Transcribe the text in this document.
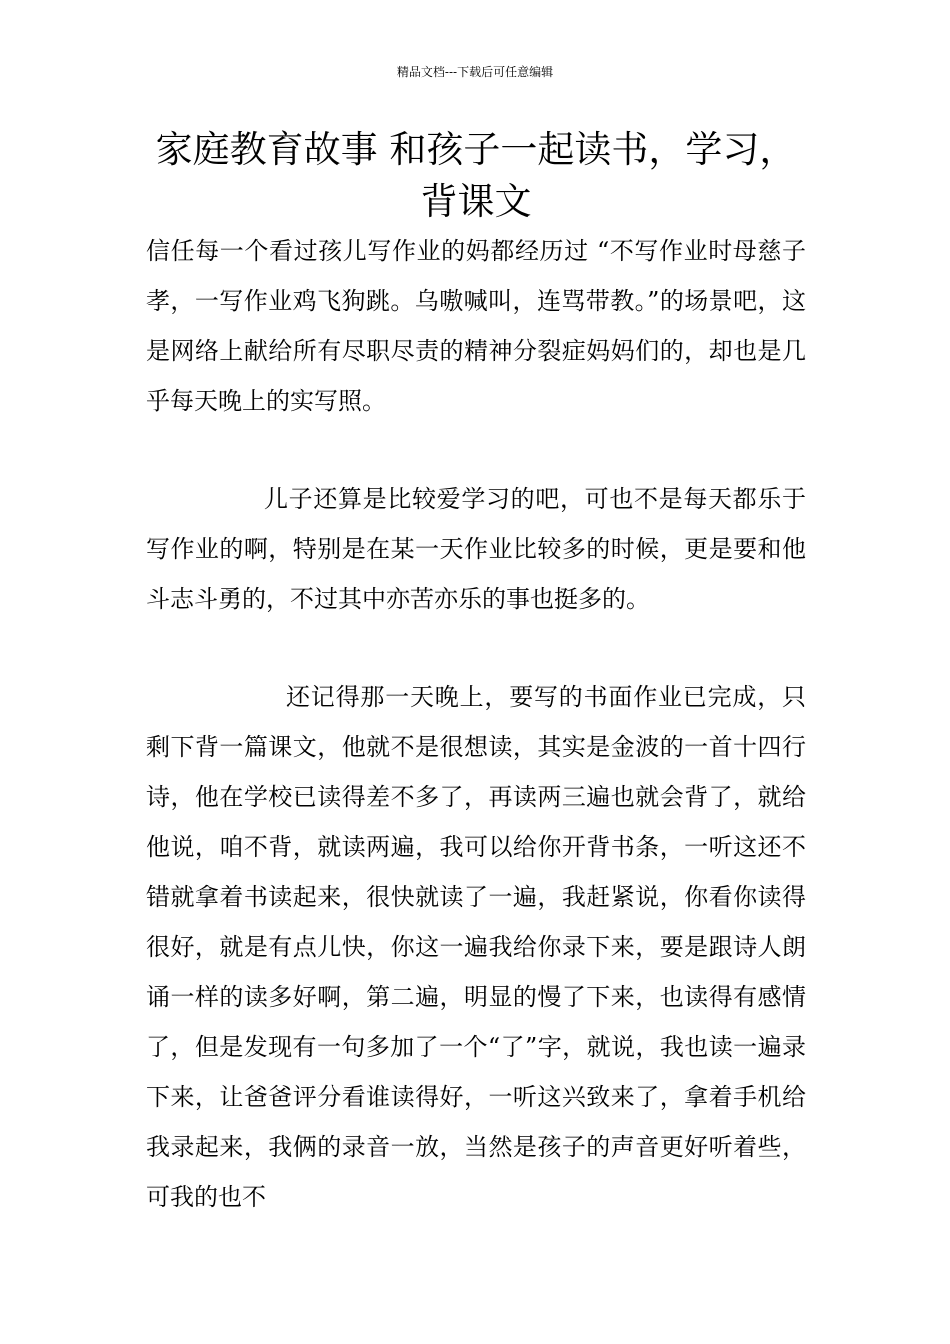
精品文档---下载后可任意编辑
家庭教育故事 和孩子一起读书，学习，背课文

信任每一个看过孩儿写作业的妈都经历过 “不写作业时母慈子孝，一写作业鸡飞狗跳。乌嗷喊叫，连骂带教。”的场景吧，这是网络上献给所有尽职尽责的精神分裂症妈妈们的，却也是几乎每天晚上的实写照。

儿子还算是比较爱学习的吧，可也不是每天都乐于写作业的啊，特别是在某一天作业比较多的时候，更是要和他斗志斗勇的，不过其中亦苦亦乐的事也挺多的。

还记得那一天晚上，要写的书面作业已完成，只剩下背一篇课文，他就不是很想读，其实是金波的一首十四行诗，他在学校已读得差不多了，再读两三遍也就会背了，就给他说，咱不背，就读两遍，我可以给你开背书条，一听这还不错就拿着书读起来，很快就读了一遍，我赶紧说，你看你读得很好，就是有点儿快，你这一遍我给你录下来，要是跟诗人朗诵一样的读多好啊，第二遍，明显的慢了下来，也读得有感情了，但是发现有一句多加了一个“了”字，就说，我也读一遍录下来，让爸爸评分看谁读得好，一听这兴致来了，拿着手机给我录起来，我俩的录音一放，当然是孩子的声音更好听着些，可我的也不
